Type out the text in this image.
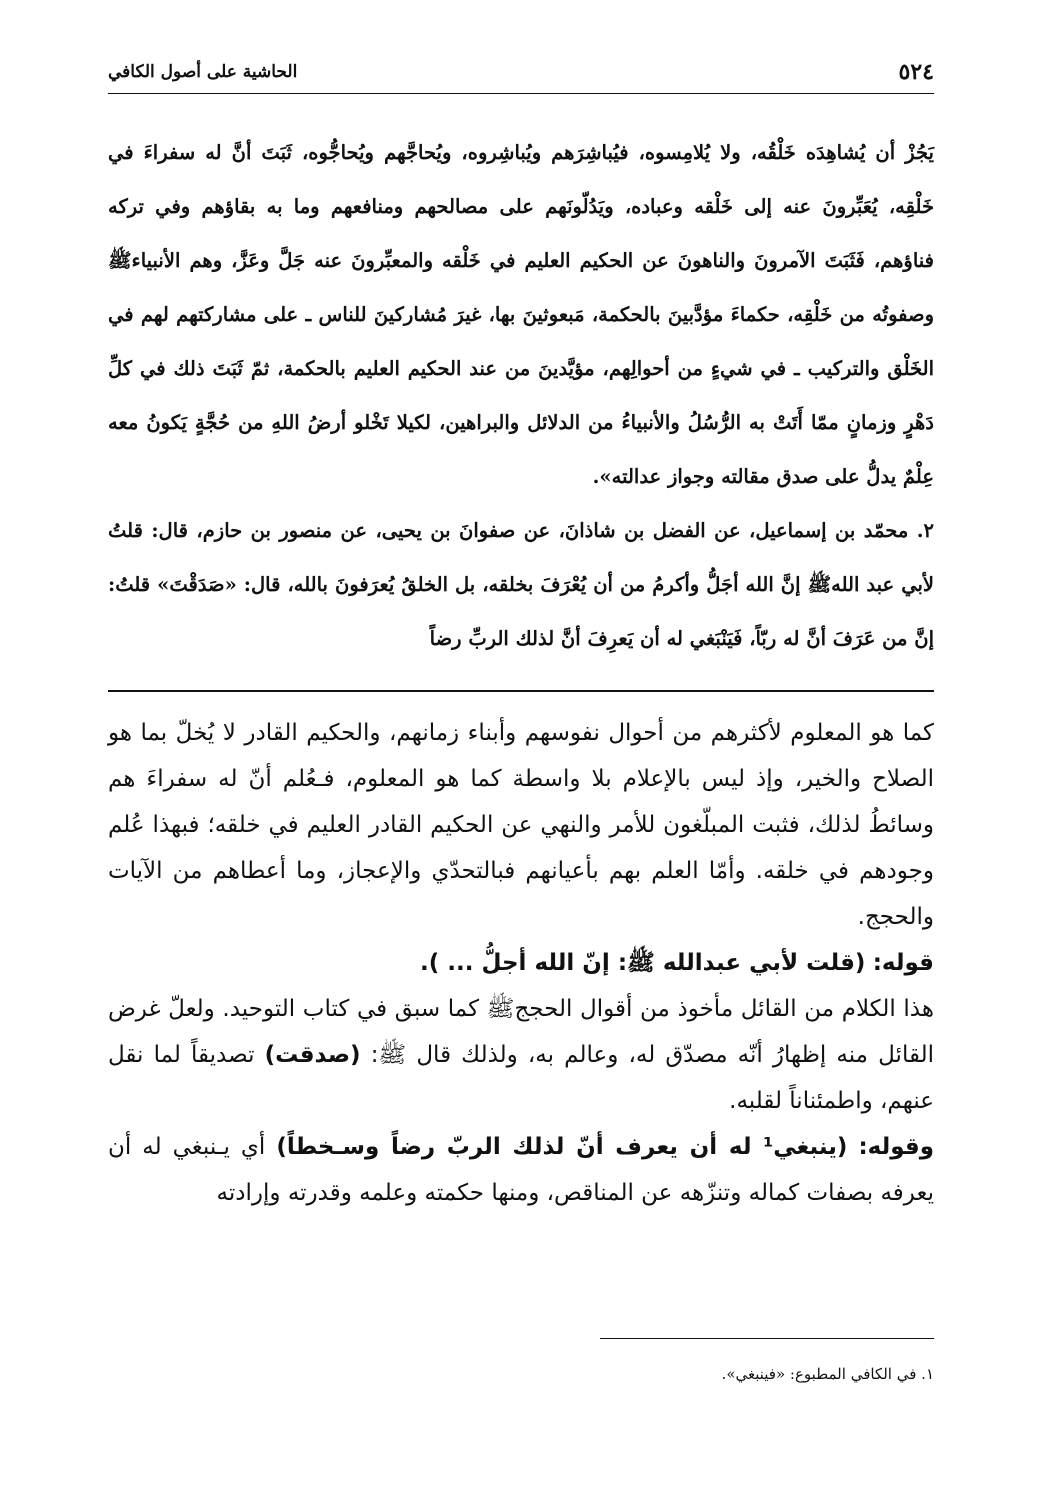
٥٢٤
الحاشية على أصول الكافي

يَجُزْ أن يُشاهِدَه خَلْقُه، ولا يُلامِسوه، فيُباشِرَهم ويُباشِروه، ويُحاجَّهم ويُحاجُّوه، ثَبَتَ أنَّ له سفراءَ في خَلْقِه، يُعَبِّرونَ عنه إلى خَلْقه وعباده، ويَدُلّونَهم على مصالحهم ومنافعهم وما به بقاؤهم وفي تركه فناؤهم، فَثَبَتَ الآمرونَ والناهونَ عن الحكيم العليم في خَلْقه والمعبِّرونَ عنه جَلَّ وعَزَّ، وهم الأنبياءﷺ وصفوتُه من خَلْقِه، حكماءَ مؤدَّبينَ بالحكمة، مَبعوثينَ بها، غيرَ مُشاركينَ للناس ـ على مشاركتهم لهم في الخَلْق والتركيب ـ في شيءٍ من أحوالِهم، مؤيَّدينَ من عند الحكيم العليم بالحكمة، ثمّ ثَبَتَ ذلك في كلِّ دَهْرٍ وزمانٍ ممّا أَتَتْ به الرُّسُلُ والأنبياءُ من الدلائل والبراهين، لكيلا تَخْلو أرضُ اللهِ من حُجَّةٍ يَكونُ معه عِلْمٌ يدلُّ على صدق مقالته وجواز عدالته».

٢. محمّد بن إسماعيل، عن الفضل بن شاذانَ، عن صفوانَ بن يحيى، عن منصور بن حازم، قال: قلتُ لأبي عبد اللهﷺ إنَّ الله أجَلُّ وأكرمُ من أن يُعْرَفَ بخلقه، بل الخلقُ يُعرَفونَ بالله، قال: «صَدَقْتَ» قلتُ: إنَّ من عَرَفَ أنَّ له ربّاً، فَيَنْبَغي له أن يَعرِفَ أنَّ لذلك الربِّ رضاً

كما هو المعلوم لأكثرهم من أحوال نفوسهم وأبناء زمانهم، والحكيم القادر لا يُخلّ بما هو الصلاح والخير، وإذ ليس بالإعلام بلا واسطة كما هو المعلوم، فـعُلم أنّ له سفراءَ هم وسائطُ لذلك، فثبت المبلّغون للأمر والنهي عن الحكيم القادر العليم في خلقه؛ فبهذا عُلم وجودهم في خلقه. وأمّا العلم بهم بأعيانهم فبالتحدّي والإعجاز، وما أعطاهم من الآيات والحجج.

قوله: (قلت لأبي عبدالله ﷺ: إنّ الله أجلُّ ... ).

هذا الكلام من القائل مأخوذ من أقوال الحججﷺ كما سبق في كتاب التوحيد. ولعلّ غرض القائل منه إظهارُ أنّه مصدّق له، وعالم به، ولذلك قال ﷺ: (صدقت) تصديقاً لما نقل عنهم، واطمئناناً لقلبه.

وقوله: (ينبغي¹ له أن يعرف أنّ لذلك الربّ رضاً وسـخطاً) أي يـنبغي له أن يعرفه بصفات كماله وتنزّهه عن المناقص، ومنها حكمته وعلمه وقدرته وإرادته

١. في الكافي المطبوع: «فينبغي».
